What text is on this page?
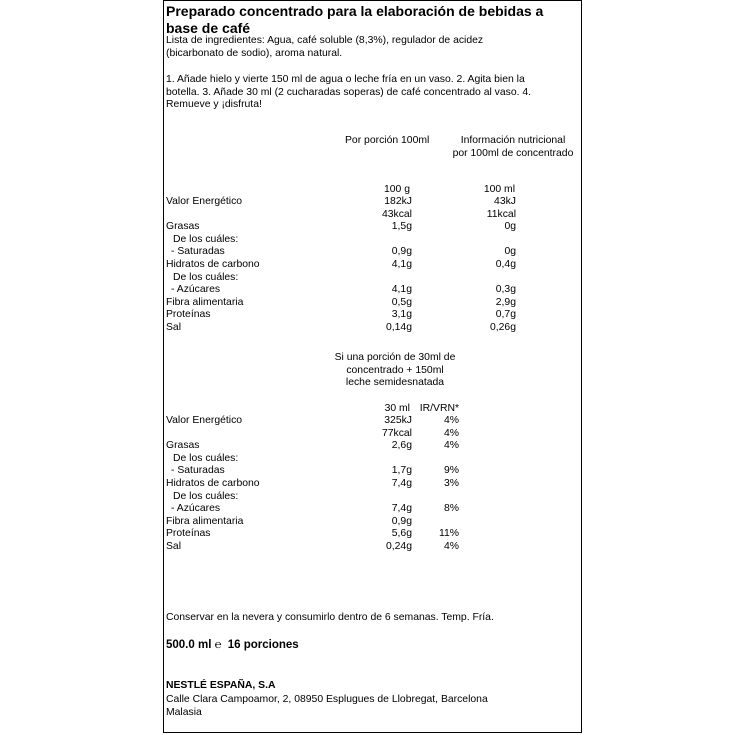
Preparado concentrado para la elaboración de bebidas a
base de café
Lista de ingredientes: Agua, café soluble (8,3%), regulador de acidez
(bicarbonato de sodio), aroma natural.
1. Añade hielo y vierte 150 ml de agua o leche fría en un vaso. 2. Agita bien la
botella. 3. Añade 30 ml (2 cucharadas soperas) de café concentrado al vaso. 4.
Remueve y ¡disfruta!
Por porción 100ml	Información nutricional
por 100ml de concentrado
100 g	100 ml
Valor Energético	182kJ	43kJ
43kcal	11kcal
Grasas	1,5g	0g
De los cuáles:
- Saturadas	0,9g	0g
Hidratos de carbono	4,1g	0,4g
De los cuáles:
- Azúcares	4,1g	0,3g
Fibra alimentaria	0,5g	2,9g
Proteínas	3,1g	0,7g
Sal	0,14g	0,26g
Si una porción de 30ml de
concentrado + 150ml
leche semidesnatada
30 ml IR/VRN*
Valor Energético	325kJ	4%
77kcal	4%
Grasas	2,6g	4%
De los cuáles:
- Saturadas	1,7g	9%
Hidratos de carbono	7,4g	3%
De los cuáles:
- Azúcares	7,4g	8%
Fibra alimentaria	0,9g
Proteínas	5,6g	11%
Sal	0,24g	4%
Conservar en la nevera y consumirlo dentro de 6 semanas. Temp. Fría.
500.0 ml ℮ 16 porciones
NESTLÉ ESPAÑA, S.A
Calle Clara Campoamor, 2, 08950 Esplugues de Llobregat, Barcelona
Malasia
